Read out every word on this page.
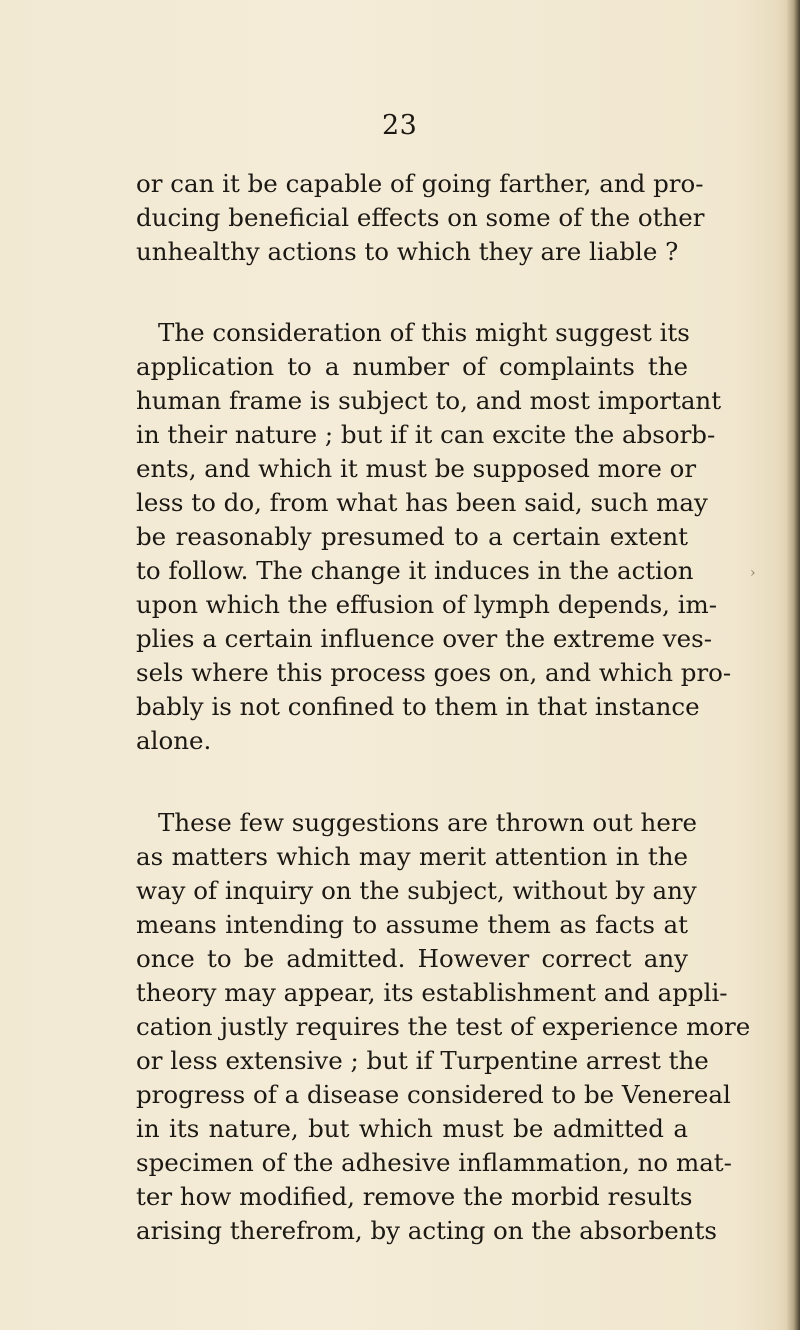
23
›
or can it be capable of going farther, and pro-
ducing beneficial effects on some of the other
unhealthy actions to which they are liable ?
The consideration of this might suggest its
application to a number of complaints the
human frame is subject to, and most important
in their nature ; but if it can excite the absorb-
ents, and which it must be supposed more or
less to do, from what has been said, such may
be reasonably presumed to a certain extent
to follow. The change it induces in the action
upon which the effusion of lymph depends, im-
plies a certain influence over the extreme ves-
sels where this process goes on, and which pro-
bably is not confined to them in that instance
alone.
These few suggestions are thrown out here
as matters which may merit attention in the
way of inquiry on the subject, without by any
means intending to assume them as facts at
once to be admitted. However correct any
theory may appear, its establishment and appli-
cation justly requires the test of experience more
or less extensive ; but if Turpentine arrest the
progress of a disease considered to be Venereal
in its nature, but which must be admitted a
specimen of the adhesive inflammation, no mat-
ter how modified, remove the morbid results
arising therefrom, by acting on the absorbents
